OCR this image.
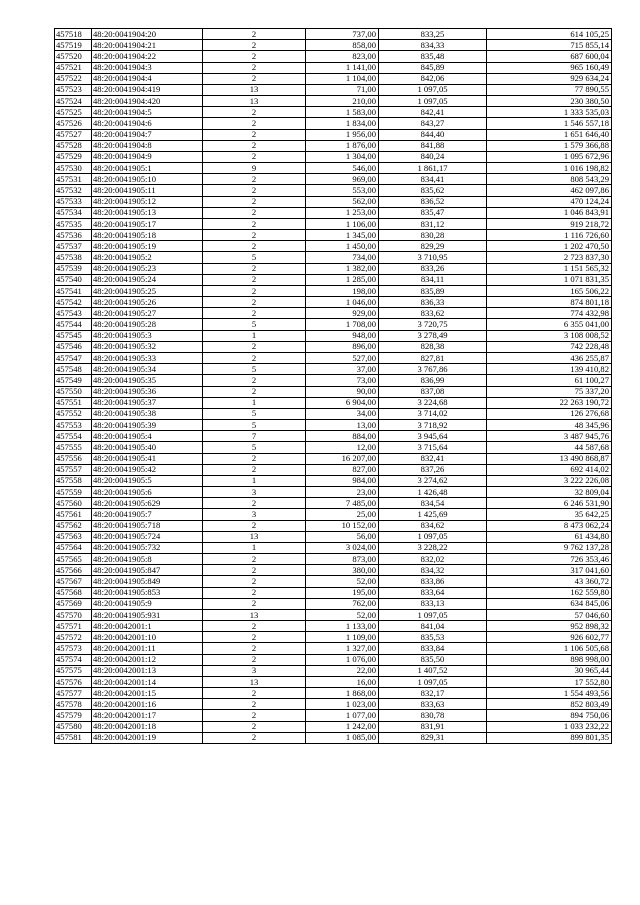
457518	48:20:0041904:20	2	737,00	833,25	614 105,25
457519	48:20:0041904:21	2	858,00	834,33	715 855,14
457520	48:20:0041904:22	2	823,00	835,48	687 600,04
457521	48:20:0041904:3	2	1 141,00	845,89	965 160,49
457522	48:20:0041904:4	2	1 104,00	842,06	929 634,24
457523	48:20:0041904:419	13	71,00	1 097,05	77 890,55
457524	48:20:0041904:420	13	210,00	1 097,05	230 380,50
457525	48:20:0041904:5	2	1 583,00	842,41	1 333 535,03
457526	48:20:0041904:6	2	1 834,00	843,27	1 546 557,18
457527	48:20:0041904:7	2	1 956,00	844,40	1 651 646,40
457528	48:20:0041904:8	2	1 876,00	841,88	1 579 366,88
457529	48:20:0041904:9	2	1 304,00	840,24	1 095 672,96
457530	48:20:0041905:1	9	546,00	1 861,17	1 016 198,82
457531	48:20:0041905:10	2	969,00	834,41	808 543,29
457532	48:20:0041905:11	2	553,00	835,62	462 097,86
457533	48:20:0041905:12	2	562,00	836,52	470 124,24
457534	48:20:0041905:13	2	1 253,00	835,47	1 046 843,91
457535	48:20:0041905:17	2	1 106,00	831,12	919 218,72
457536	48:20:0041905:18	2	1 345,00	830,28	1 116 726,60
457537	48:20:0041905:19	2	1 450,00	829,29	1 202 470,50
457538	48:20:0041905:2	5	734,00	3 710,95	2 723 837,30
457539	48:20:0041905:23	2	1 382,00	833,26	1 151 565,32
457540	48:20:0041905:24	2	1 285,00	834,11	1 071 831,35
457541	48:20:0041905:25	2	198,00	835,89	165 506,22
457542	48:20:0041905:26	2	1 046,00	836,33	874 801,18
457543	48:20:0041905:27	2	929,00	833,62	774 432,98
457544	48:20:0041905:28	5	1 708,00	3 720,75	6 355 041,00
457545	48:20:0041905:3	1	948,00	3 278,49	3 108 008,52
457546	48:20:0041905:32	2	896,00	828,38	742 228,48
457547	48:20:0041905:33	2	527,00	827,81	436 255,87
457548	48:20:0041905:34	5	37,00	3 767,86	139 410,82
457549	48:20:0041905:35	2	73,00	836,99	61 100,27
457550	48:20:0041905:36	2	90,00	837,08	75 337,20
457551	48:20:0041905:37	1	6 904,00	3 224,68	22 263 190,72
457552	48:20:0041905:38	5	34,00	3 714,02	126 276,68
457553	48:20:0041905:39	5	13,00	3 718,92	48 345,96
457554	48:20:0041905:4	7	884,00	3 945,64	3 487 945,76
457555	48:20:0041905:40	5	12,00	3 715,64	44 587,68
457556	48:20:0041905:41	2	16 207,00	832,41	13 490 868,87
457557	48:20:0041905:42	2	827,00	837,26	692 414,02
457558	48:20:0041905:5	1	984,00	3 274,62	3 222 226,08
457559	48:20:0041905:6	3	23,00	1 426,48	32 809,04
457560	48:20:0041905:629	2	7 485,00	834,54	6 246 531,90
457561	48:20:0041905:7	3	25,00	1 425,69	35 642,25
457562	48:20:0041905:718	2	10 152,00	834,62	8 473 062,24
457563	48:20:0041905:724	13	56,00	1 097,05	61 434,80
457564	48:20:0041905:732	1	3 024,00	3 228,22	9 762 137,28
457565	48:20:0041905:8	2	873,00	832,02	726 353,46
457566	48:20:0041905:847	2	380,00	834,32	317 041,60
457567	48:20:0041905:849	2	52,00	833,86	43 360,72
457568	48:20:0041905:853	2	195,00	833,64	162 559,80
457569	48:20:0041905:9	2	762,00	833,13	634 845,06
457570	48:20:0041905:931	13	52,00	1 097,05	57 046,60
457571	48:20:0042001:1	2	1 133,00	841,04	952 898,32
457572	48:20:0042001:10	2	1 109,00	835,53	926 602,77
457573	48:20:0042001:11	2	1 327,00	833,84	1 106 505,68
457574	48:20:0042001:12	2	1 076,00	835,50	898 998,00
457575	48:20:0042001:13	3	22,00	1 407,52	30 965,44
457576	48:20:0042001:14	13	16,00	1 097,05	17 552,80
457577	48:20:0042001:15	2	1 868,00	832,17	1 554 493,56
457578	48:20:0042001:16	2	1 023,00	833,63	852 803,49
457579	48:20:0042001:17	2	1 077,00	830,78	894 750,06
457580	48:20:0042001:18	2	1 242,00	831,91	1 033 232,22
457581	48:20:0042001:19	2	1 085,00	829,31	899 801,35
